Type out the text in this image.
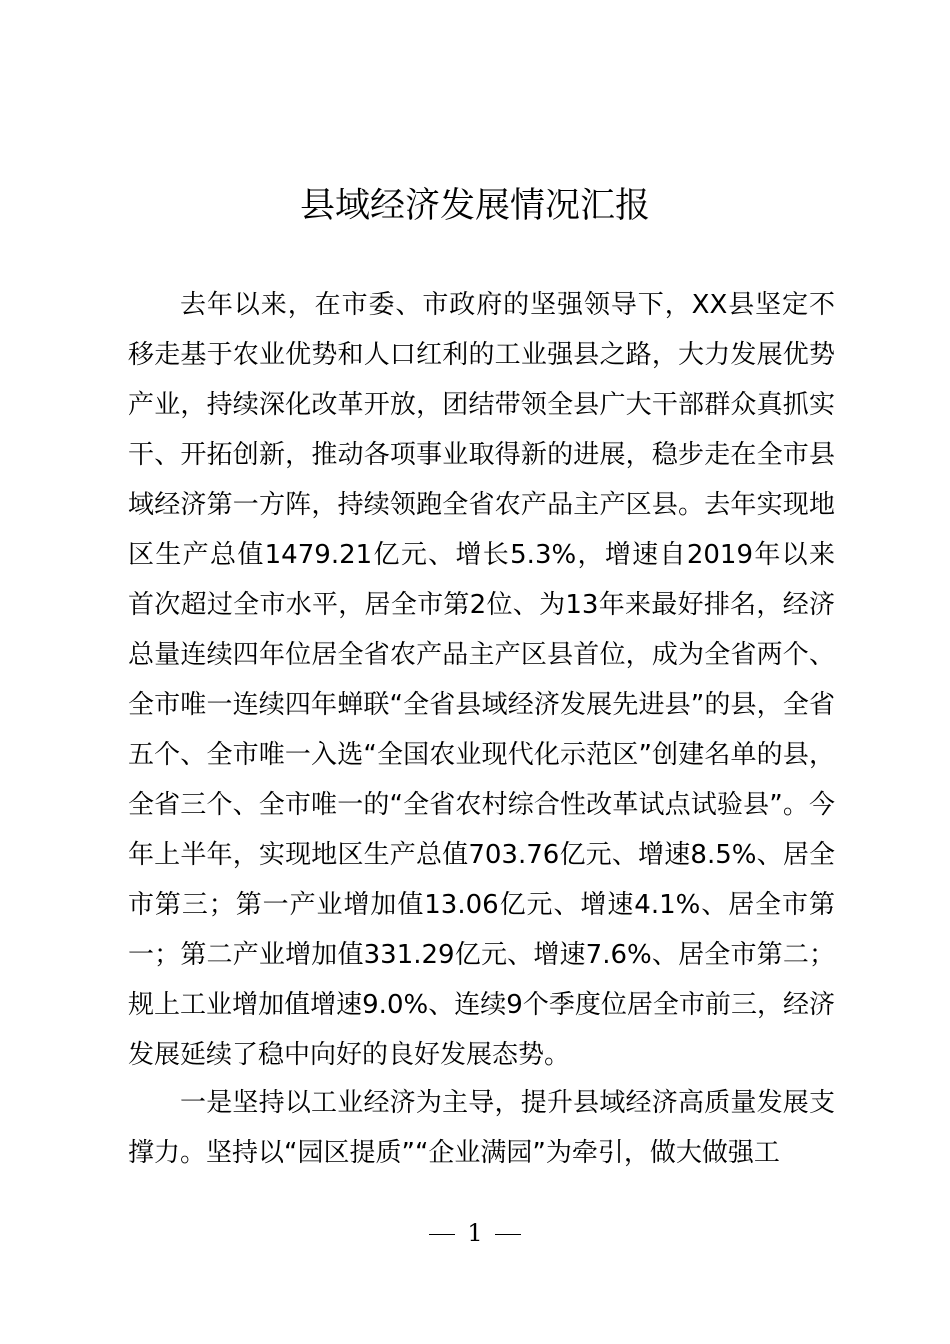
县域经济发展情况汇报

去年以来，在市委、市政府的坚强领导下，XX县坚定不移走基于农业优势和人口红利的工业强县之路，大力发展优势产业，持续深化改革开放，团结带领全县广大干部群众真抓实干、开拓创新，推动各项事业取得新的进展，稳步走在全市县域经济第一方阵，持续领跑全省农产品主产区县。去年实现地区生产总值1479.21亿元、增长5.3%，增速自2019年以来首次超过全市水平，居全市第2位、为13年来最好排名，经济总量连续四年位居全省农产品主产区县首位，成为全省两个、全市唯一连续四年蝉联“全省县域经济发展先进县”的县，全省五个、全市唯一入选“全国农业现代化示范区”创建名单的县，全省三个、全市唯一的“全省农村综合性改革试点试验县”。今年上半年，实现地区生产总值703.76亿元、增速8.5%、居全市第三；第一产业增加值13.06亿元、增速4.1%、居全市第一；第二产业增加值331.29亿元、增速7.6%、居全市第二；规上工业增加值增速9.0%、连续9个季度位居全市前三，经济发展延续了稳中向好的良好发展态势。

一是坚持以工业经济为主导，提升县域经济高质量发展支撑力。坚持以“园区提质”“企业满园”为牵引，做大做强工

1
